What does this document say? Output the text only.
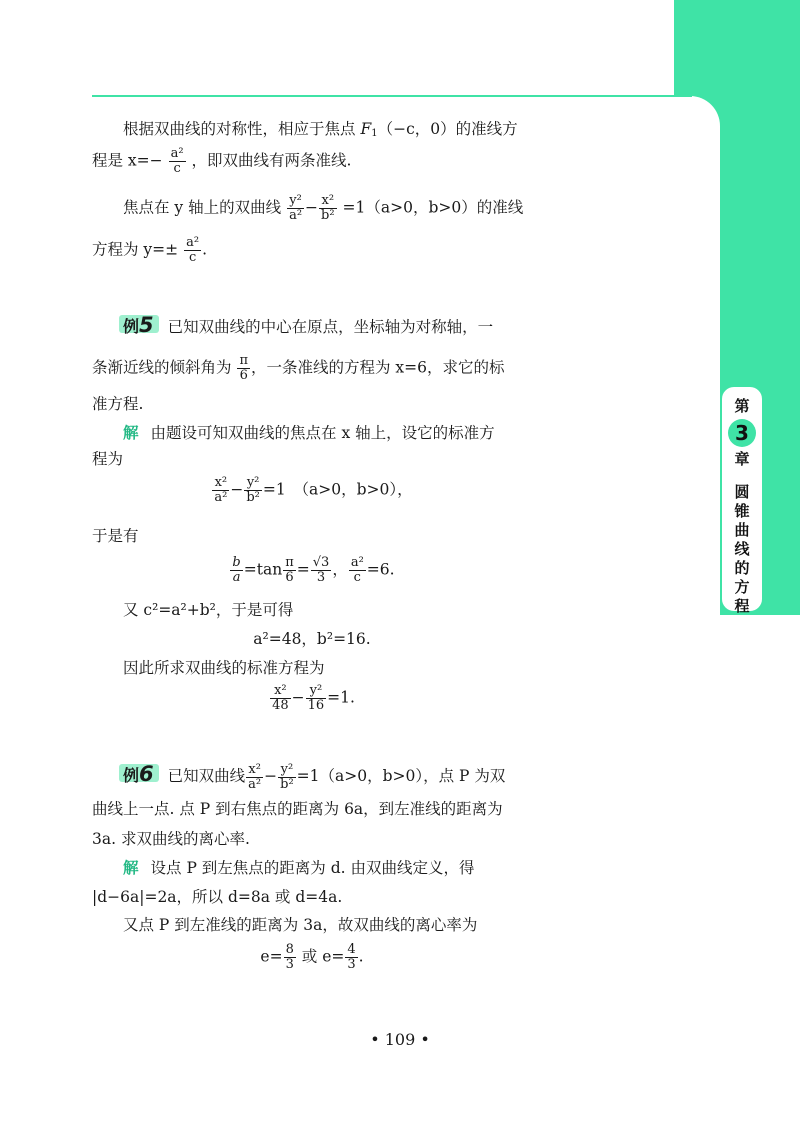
第
3
章
圆
锥
曲
线
的
方
程
根据双曲线的对称性，相应于焦点 $F_1(-c$，0）的准线方
程是 $x=- \frac{\text{a²}}{c}$ ，即双曲线有两条准线.
焦点在 y 轴上的双曲线 $\frac{\text{y²}}{\text{a²}} - \frac{\text{x²}}{\text{b²}} =1(a>0$，b>0）的准线
方程为 $y=\pm \frac{\text{a²}}{c}$ .
例5 已知双曲线的中心在原点，坐标轴为对称轴，一
条渐近线的倾斜角为 $\frac{\pi}{6}$ ，一条准线的方程为 x=6，求它的标
准方程.
解 由题设可知双曲线的焦点在 x 轴上，设它的标准方
程为
$\frac{\text{x²}}{\text{a²}} - \frac{\text{y²}}{\text{b²}} =1$　（a>0，b>0），
于是有
$\frac{b}{a} =\tan \frac{\pi}{6} = \frac{√3}{3}$ ， $\frac{\text{a²}}{c} =6$.
又 c²=a²+b²，于是可得
a²=48，b²=16.
因此所求双曲线的标准方程为
$\frac{\text{x²}}{48} - \frac{\text{y²}}{16} =1$.
例6 已知双曲线 $\frac{\text{x²}}{\text{a²}} - \frac{\text{y²}}{\text{b²}} =1(a>0$，b>0），点 P 为双
曲线上一点. 点 P 到右焦点的距离为 6a，到左准线的距离为
3a. 求双曲线的离心率.
解 设点 P 到左焦点的距离为 d. 由双曲线定义，得
|d−6a|=2a，所以 d=8a 或 d=4a.
又点 P 到左准线的距离为 3a，故双曲线的离心率为
$e= \frac{8}{3}$ 或 $e= \frac{4}{3}$ .
• 109 •
